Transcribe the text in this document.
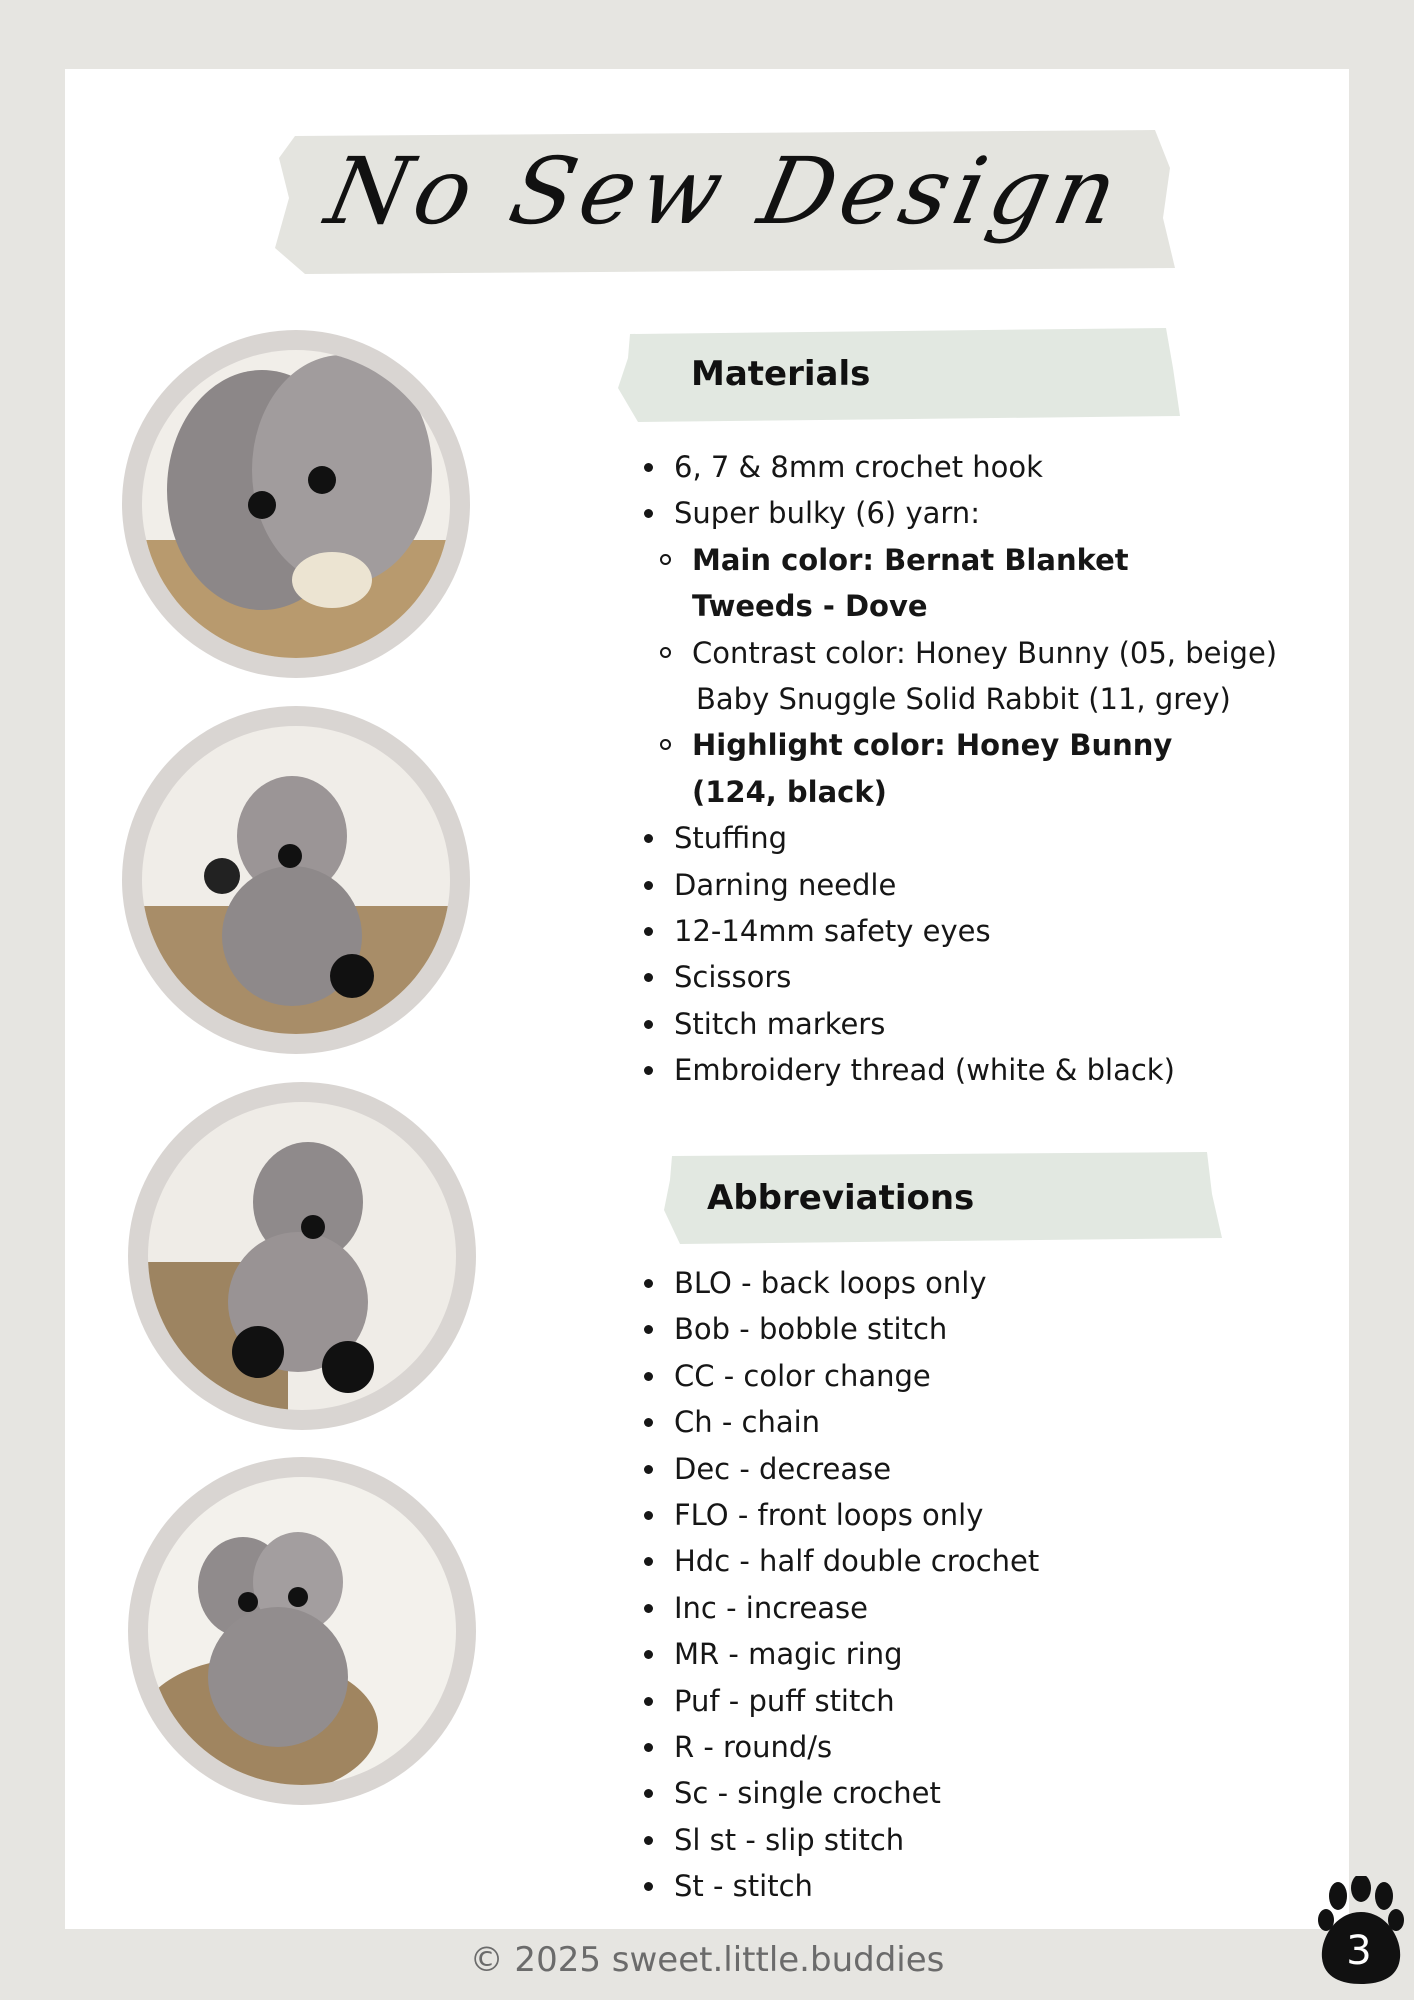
No Sew Design
Materials
6, 7 & 8mm crochet hook
Super bulky (6) yarn:
Main color: Bernat Blanket Tweeds - Dove
Contrast color: Honey Bunny (05, beige)
Baby Snuggle Solid Rabbit (11, grey)
Highlight color: Honey Bunny (124, black)
Stuffing
Darning needle
12-14mm safety eyes
Scissors
Stitch markers
Embroidery thread (white & black)
Abbreviations
BLO - back loops only
Bob - bobble stitch
CC - color change
Ch - chain
Dec - decrease
FLO - front loops only
Hdc - half double crochet
Inc - increase
MR - magic ring
Puf - puff stitch
R - round/s
Sc - single crochet
Sl st - slip stitch
St - stitch
© 2025 sweet.little.buddies	3
